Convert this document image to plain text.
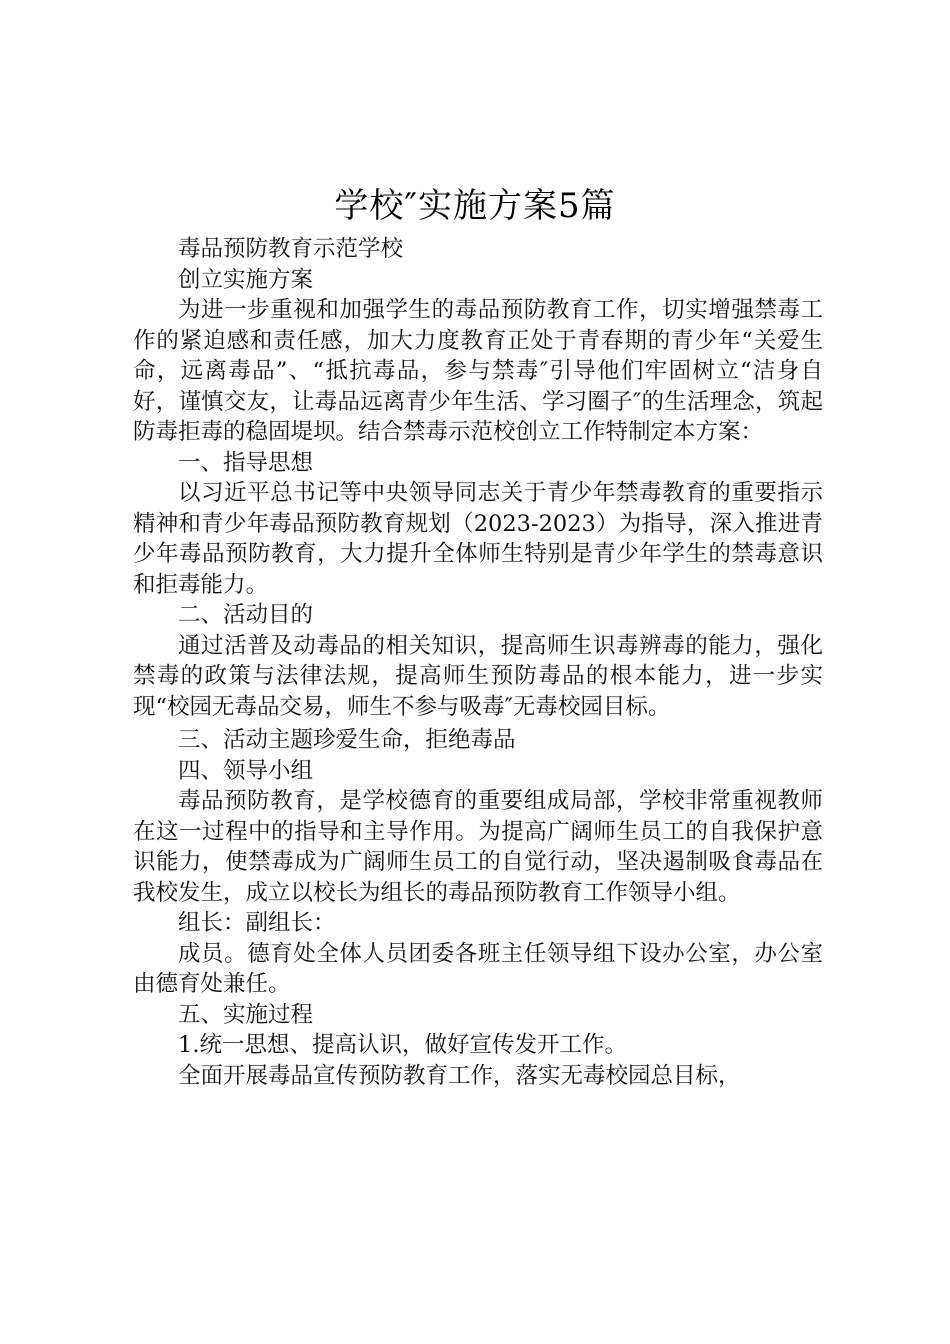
学校″实施方案5篇

毒品预防教育示范学校

创立实施方案

为进一步重视和加强学生的毒品预防教育工作，切实增强禁毒工作的紧迫感和责任感，加大力度教育正处于青春期的青少年“关爱生命，远离毒品”、“抵抗毒品，参与禁毒″引导他们牢固树立“洁身自好，谨慎交友，让毒品远离青少年生活、学习圈子″的生活理念，筑起防毒拒毒的稳固堤坝。结合禁毒示范校创立工作特制定本方案：

一、指导思想

以习近平总书记等中央领导同志关于青少年禁毒教育的重要指示精神和青少年毒品预防教育规划（2023-2023）为指导，深入推进青少年毒品预防教育，大力提升全体师生特别是青少年学生的禁毒意识和拒毒能力。

二、活动目的

通过活普及动毒品的相关知识，提高师生识毒辨毒的能力，强化禁毒的政策与法律法规，提高师生预防毒品的根本能力，进一步实现“校园无毒品交易，师生不参与吸毒″无毒校园目标。

三、活动主题珍爱生命，拒绝毒品

四、领导小组

毒品预防教育，是学校德育的重要组成局部，学校非常重视教师在这一过程中的指导和主导作用。为提高广阔师生员工的自我保护意识能力，使禁毒成为广阔师生员工的自觉行动，坚决遏制吸食毒品在我校发生，成立以校长为组长的毒品预防教育工作领导小组。

组长：副组长：

成员。德育处全体人员团委各班主任领导组下设办公室，办公室由德育处兼任。

五、实施过程

1.统一思想、提高认识，做好宣传发开工作。

全面开展毒品宣传预防教育工作，落实无毒校园总目标，
